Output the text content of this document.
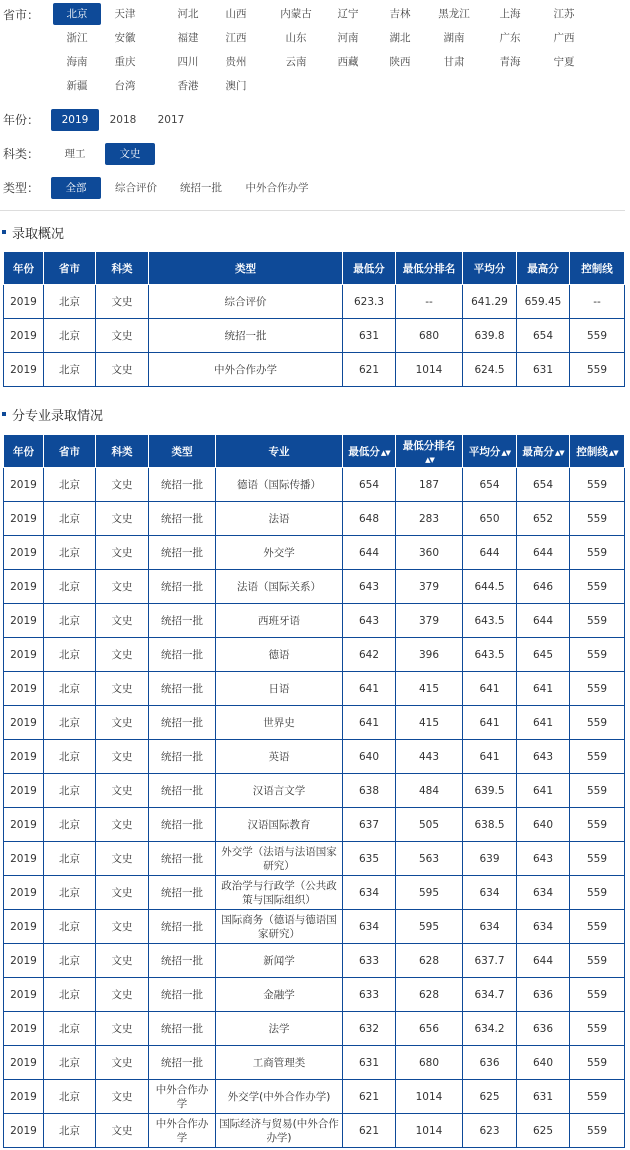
省市：
年份：
科类：
类型：
录取概况
年份	省市	科类	类型	最低分	最低分排名	平均分	最高分	控制线
2019	北京	文史	综合评价	623.3	--	641.29	659.45	--
2019	北京	文史	统招一批	631	680	639.8	654	559
2019	北京	文史	中外合作办学	621	1014	624.5	631	559
分专业录取情况
年份	省市	科类	类型	专业	最低分▲▼	最低分排名▲▼	平均分▲▼	最高分▲▼	控制线▲▼
2019	北京	文史	统招一批	德语（国际传播）	654	187	654	654	559
2019	北京	文史	统招一批	法语	648	283	650	652	559
2019	北京	文史	统招一批	外交学	644	360	644	644	559
2019	北京	文史	统招一批	法语（国际关系）	643	379	644.5	646	559
2019	北京	文史	统招一批	西班牙语	643	379	643.5	644	559
2019	北京	文史	统招一批	德语	642	396	643.5	645	559
2019	北京	文史	统招一批	日语	641	415	641	641	559
2019	北京	文史	统招一批	世界史	641	415	641	641	559
2019	北京	文史	统招一批	英语	640	443	641	643	559
2019	北京	文史	统招一批	汉语言文学	638	484	639.5	641	559
2019	北京	文史	统招一批	汉语国际教育	637	505	638.5	640	559
2019	北京	文史	统招一批	外交学（法语与法语国家研究）	635	563	639	643	559
2019	北京	文史	统招一批	政治学与行政学（公共政策与国际组织）	634	595	634	634	559
2019	北京	文史	统招一批	国际商务（德语与德语国家研究）	634	595	634	634	559
2019	北京	文史	统招一批	新闻学	633	628	637.7	644	559
2019	北京	文史	统招一批	金融学	633	628	634.7	636	559
2019	北京	文史	统招一批	法学	632	656	634.2	636	559
2019	北京	文史	统招一批	工商管理类	631	680	636	640	559
2019	北京	文史	中外合作办学	外交学(中外合作办学)	621	1014	625	631	559
2019	北京	文史	中外合作办学	国际经济与贸易(中外合作办学)	621	1014	623	625	559
北京	天津	河北	山西	内蒙古	辽宁	吉林	黑龙江	上海	江苏
浙江	安徽	福建	江西	山东	河南	湖北	湖南	广东	广西
海南	重庆	四川	贵州	云南	西藏	陕西	甘肃	青海	宁夏
新疆	台湾	香港	澳门
2019	2018	2017
理工	文史
全部	综合评价	统招一批	中外合作办学
